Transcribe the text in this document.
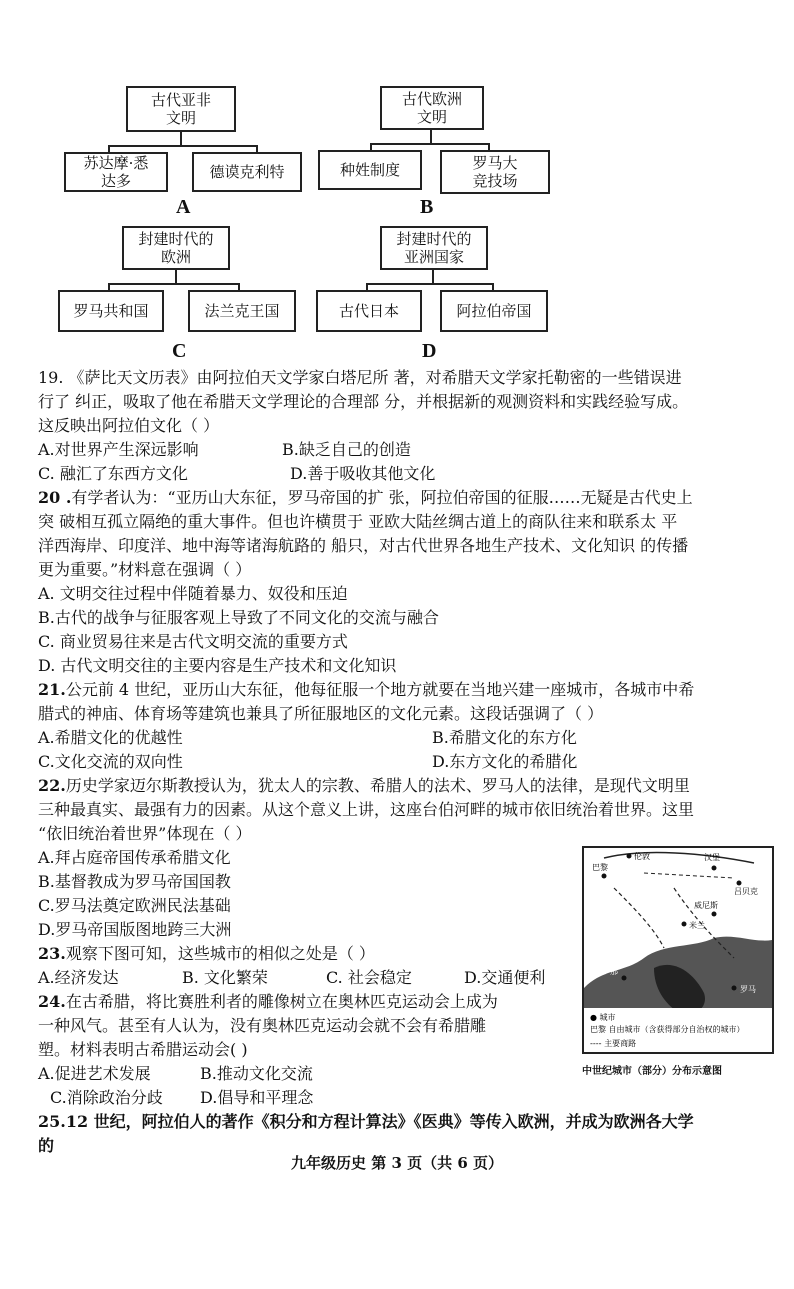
古代亚非
文明
苏达摩·悉
达多	德谟克利特
A
古代欧洲
文明
种姓制度	罗马大
竞技场
B
封建时代的
欧洲
罗马共和国	法兰克王国
C
封建时代的
亚洲国家
古代日本	阿拉伯帝国
D
19. 《萨比天文历表》由阿拉伯天文学家白塔尼所 著，对希腊天文学家托勒密的一些错误进
行了 纠正，吸取了他在希腊天文学理论的合理部 分，并根据新的观测资料和实践经验写成。
这反映出阿拉伯文化（ ）
A.对世界产生深远影响	B.缺乏自己的创造
C. 融汇了东西方文化	D.善于吸收其他文化
20 .有学者认为：“亚历山大东征，罗马帝国的扩 张，阿拉伯帝国的征服……无疑是古代史上
突 破相互孤立隔绝的重大事件。但也许横贯于 亚欧大陆丝绸古道上的商队往来和联系太 平
洋西海岸、印度洋、地中海等诸海航路的 船只，对古代世界各地生产技术、文化知识 的传播
更为重要。”材料意在强调（ ）
A. 文明交往过程中伴随着暴力、奴役和压迫
B.古代的战争与征服客观上导致了不同文化的交流与融合
C. 商业贸易往来是古代文明交流的重要方式
D. 古代文明交往的主要内容是生产技术和文化知识
21.公元前 4 世纪，亚历山大东征，他每征服一个地方就要在当地兴建一座城市，各城市中希
腊式的神庙、体育场等建筑也兼具了所征服地区的文化元素。这段话强调了（ ）
A.希腊文化的优越性	B.希腊文化的东方化
C.文化交流的双向性	D.东方文化的希腊化
22.历史学家迈尔斯教授认为，犹太人的宗教、希腊人的法术、罗马人的法律，是现代文明里
三种最真实、最强有力的因素。从这个意义上讲，这座台伯河畔的城市依旧统治着世界。这里
“依旧统治着世界”体现在（ ）
A.拜占庭帝国传承希腊文化
B.基督教成为罗马帝国国教
C.罗马法奠定欧洲民法基础
D.罗马帝国版图地跨三大洲
23.观察下图可知，这些城市的相似之处是（ ）
A.经济发达	B. 文化繁荣	C. 社会稳定	D.交通便利
24.在古希腊，将比赛胜利者的雕像树立在奥林匹克运动会上成为
一种风气。甚至有人认为，没有奥林匹克运动会就不会有希腊雕
塑。材料表明古希腊运动会( )
A.促进艺术发展	B.推动文化交流
C.消除政治分歧 D.倡导和平理念
25.12 世纪，阿拉伯人的著作《积分和方程计算法》《医典》等传入欧洲，并成为欧洲各大学
的
巴黎
伦敦
巴塞罗那
米兰
威尼斯
罗马
汉堡
吕贝克
● 城市
巴黎 自由城市（含获得部分自治权的城市）
---- 主要商路
中世纪城市（部分）分布示意图
九年级历史 第 3 页（共 6 页）
